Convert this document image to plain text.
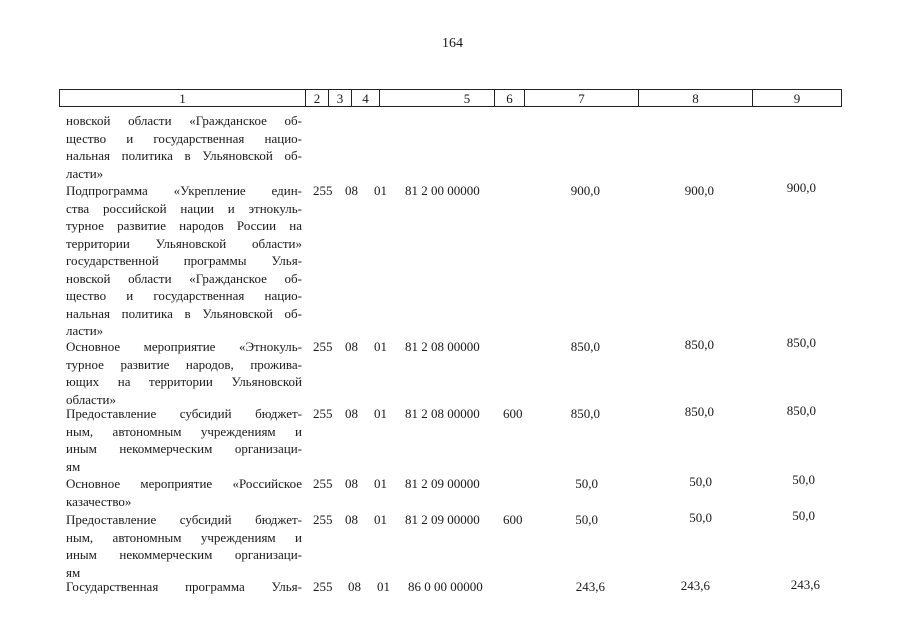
164
1	2	3	4	5	6	7	8	9
новской области «Гражданское об-
щество и государственная нацио-
нальная политика в Ульяновской об-
ласти»
Подпрограмма «Укрепление един-
ства российской нации и этнокуль-
турное развитие народов России на
территории Ульяновской области»
государственной программы Улья-
новской области «Гражданское об-
щество и государственная нацио-
нальная политика в Ульяновской об-
ласти»
255 08 01 81 2 00 00000	900,0	900,0	900,0
Основное мероприятие «Этнокуль-
турное развитие народов, прожива-
ющих на территории Ульяновской
области»
255 08 01 81 2 08 00000	850,0	850,0	850,0
Предоставление субсидий бюджет-
ным, автономным учреждениям и
иным некоммерческим организаци-
ям
255 08 01 81 2 08 00000 600	850,0	850,0	850,0
Основное мероприятие «Российское
казачество»
255 08 01 81 2 09 00000	50,0	50,0	50,0
Предоставление субсидий бюджет-
ным, автономным учреждениям и
иным некоммерческим организаци-
ям
255 08 01 81 2 09 00000 600	50,0	50,0	50,0
Государственная программа Улья- 255 08 01 86 0 00 00000	243,6	243,6	243,6
